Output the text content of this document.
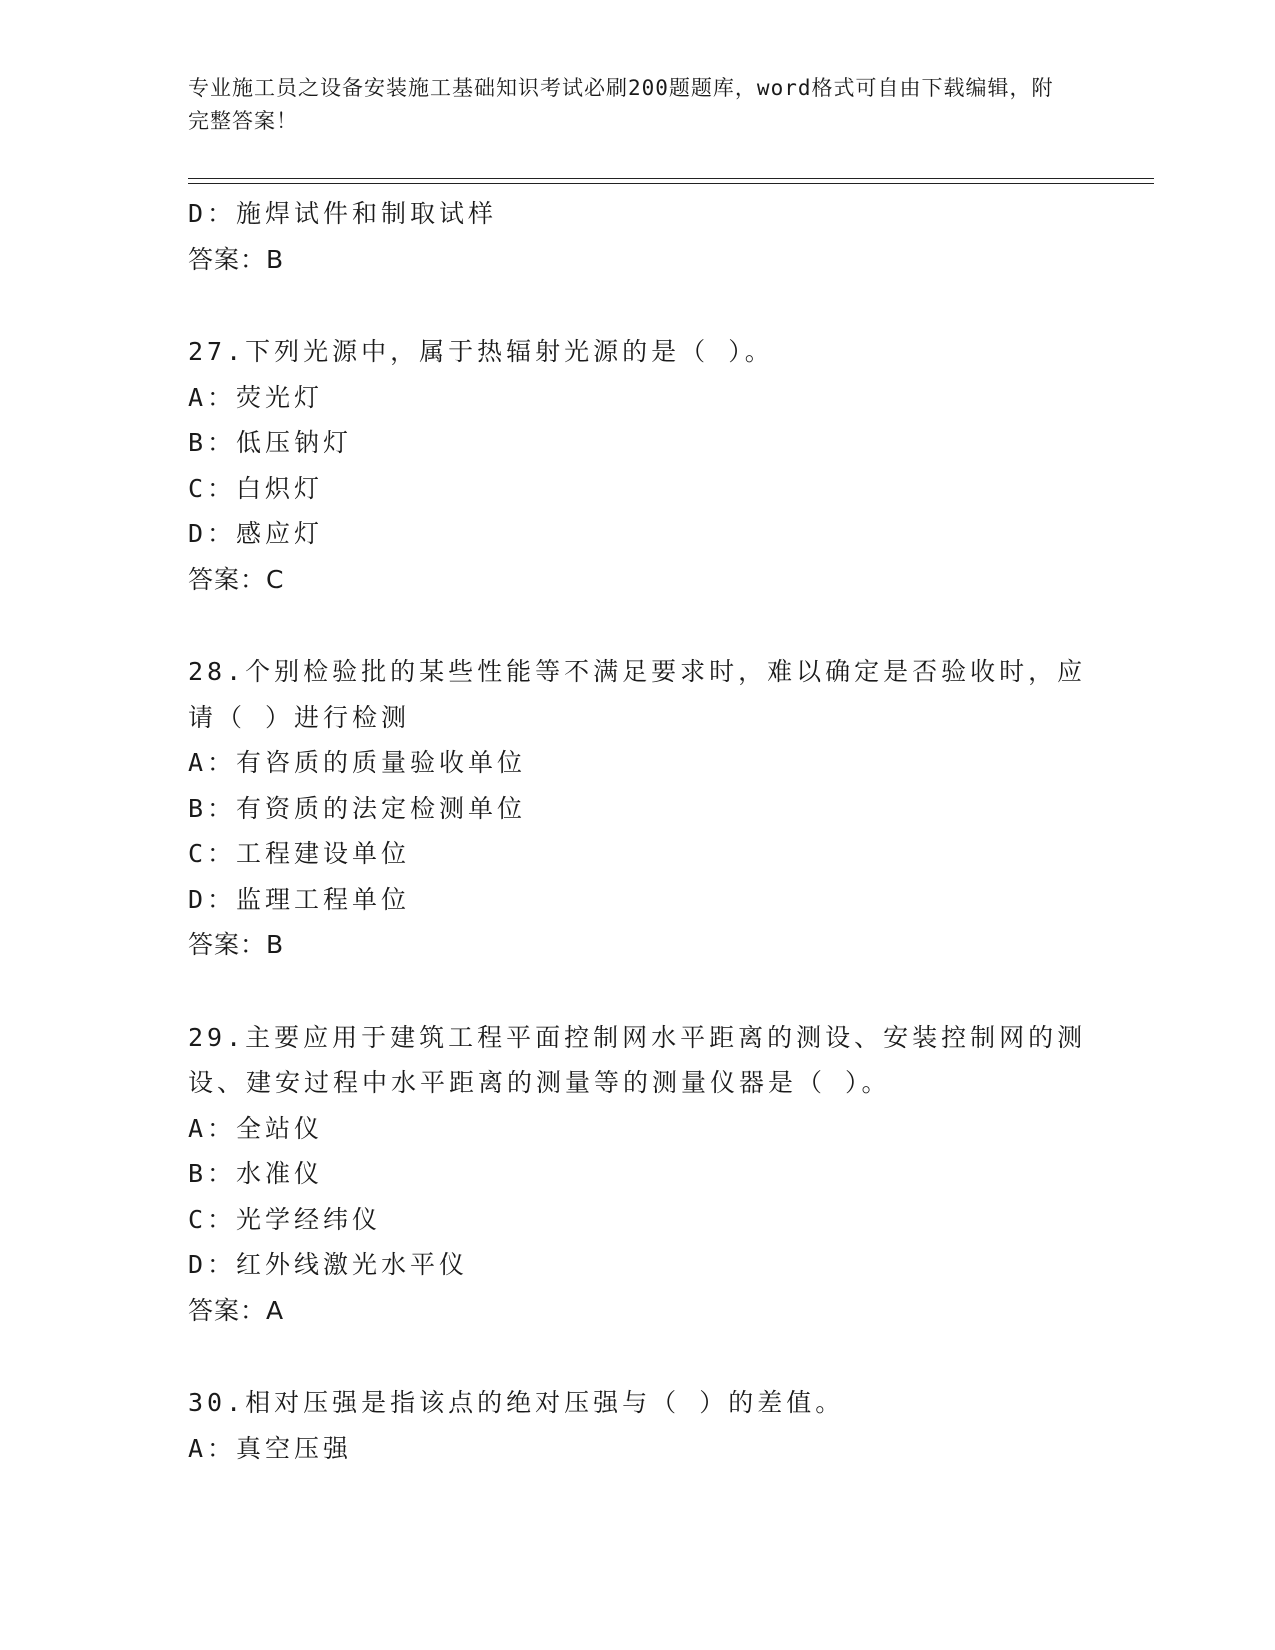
专业施工员之设备安装施工基础知识考试必刷200题题库，word格式可自由下载编辑，附完整答案！
D：施焊试件和制取试样
答案：B
27.下列光源中，属于热辐射光源的是（ ）。
A：荧光灯
B：低压钠灯
C：白炽灯
D：感应灯
答案：C
28.个别检验批的某些性能等不满足要求时，难以确定是否验收时，应请（ ）进行检测
A：有咨质的质量验收单位
B：有资质的法定检测单位
C：工程建设单位
D：监理工程单位
答案：B
29.主要应用于建筑工程平面控制网水平距离的测设、安装控制网的测设、建安过程中水平距离的测量等的测量仪器是（ ）。
A：全站仪
B：水准仪
C：光学经纬仪
D：红外线激光水平仪
答案：A
30.相对压强是指该点的绝对压强与（ ）的差值。
A：真空压强
